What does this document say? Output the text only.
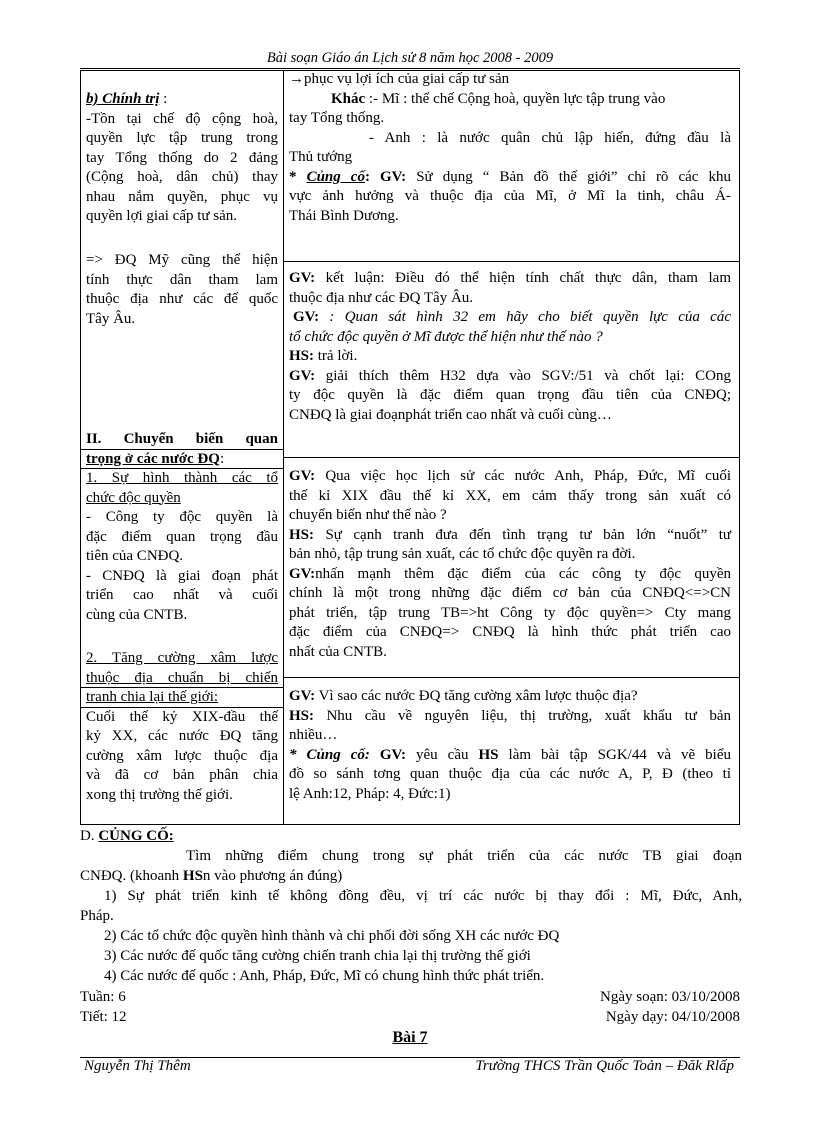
Bài soạn Giáo án Lịch sử 8 năm học 2008 - 2009
b) Chính trị :
-Tồn tại chế độ cộng hoà,
quyền lực tập trung trong
tay Tổng thống do 2 đảng
(Cộng hoà, dân chủ) thay
nhau nắm quyền, phục vụ
quyền lợi giai cấp tư sản.
=> ĐQ Mỹ cũng thể hiện
tính thực dân tham lam
thuộc địa như các đế quốc
Tây Âu.
II. Chuyển biến quan
trọng ở các nước ĐQ:
1. Sự hình thành các tổ
chức độc quyền
- Công ty độc quyền là
đặc điểm quan trọng đầu
tiên của CNĐQ.
- CNĐQ là giai đoạn phát
triển cao nhất và cuối
cùng của CNTB.
2. Tăng cường xâm lược
thuộc địa chuẩn bị chiến
tranh chia lại thế giới:
Cuối thế kỷ XIX-đầu thế
kỷ XX, các nước ĐQ tăng
cường xâm lược thuộc địa
và đã cơ bản phân chia
xong thị trường thế giới.
→phục vụ lợi ích của giai cấp tư sản
Khác :- Mĩ : thể chế Cộng hoà, quyền lực tập trung vào
tay Tổng thống.
- Anh : là nước quân chủ lập hiến, đứng đầu là
Thủ tướng
* Củng cố: GV: Sử dụng “ Bản đồ thế giới” chỉ rõ các khu
vực ảnh hưởng và thuộc địa của Mĩ, ở Mĩ la tinh, châu Á-
Thái Bình Dương.
GV: kết luận: Điều đó thể hiện tính chất thực dân, tham lam
thuộc địa như các ĐQ Tây Âu.
GV: : Quan sát hình 32 em hãy cho biết quyền lực của các
tổ chức độc quyền ở Mĩ được thể hiện như thế nào ?
HS: trả lời.
GV: giải thích thêm H32 dựa vào SGV:/51 và chốt lại: COng
ty độc quyền là đặc điểm quan trọng đầu tiên của CNĐQ;
CNĐQ là giai đoạnphát triển cao nhất và cuối cùng…
GV: Qua việc học lịch sử các nước Anh, Pháp, Đức, Mĩ cuối
thế kỉ XIX đầu thế kỉ XX, em cảm thấy trong sản xuất có
chuyển biến như thế nào ?
HS: Sự cạnh tranh đưa đến tình trạng tư bản lớn “nuốt” tư
bản nhỏ, tập trung sản xuất, các tổ chức độc quyền ra đời.
GV:nhấn mạnh thêm đặc điểm của các công ty độc quyền
chính là một trong những đặc điểm cơ bản của CNĐQ<=>CN
phát triển, tập trung TB=>ht Công ty độc quyền=> Cty mang
đặc điểm của CNĐQ=> CNĐQ là hình thức phát triển cao
nhất của CNTB.
GV: Vì sao các nước ĐQ tăng cường xâm lược thuộc địa?
HS: Nhu cầu về nguyên liệu, thị trường, xuất khẩu tư bản
nhiều…
* Củng cố: GV: yêu cầu HS làm bài tập SGK/44 và vẽ biểu
đồ so sánh tơng quan thuộc địa của các nước A, P, Đ (theo tỉ
lệ Anh:12, Pháp: 4, Đức:1)
D. CỦNG CỐ:
Tìm những điểm chung trong sự phát triển của các nước TB giai đoạn
CNĐQ. (khoanh HSn vào phương án đúng)
1) Sự phát triển kinh tế không đồng đều, vị trí các nước bị thay đổi : Mĩ, Đức, Anh,
Pháp.
2) Các tổ chức độc quyền hình thành và chi phối đời sống XH các nước ĐQ
3) Các nước đế quốc tăng cường chiến tranh chia lại thị trường thế giới
4) Các nước đế quốc : Anh, Pháp, Đức, Mĩ có chung hình thức phát triển.
Tuần: 6
Tiết: 12
Ngày soạn: 03/10/2008
Ngày dạy: 04/10/2008
Bài 7
Nguyễn Thị Thêm	Trường THCS Trần Quốc Toản – Đăk Rlấp
